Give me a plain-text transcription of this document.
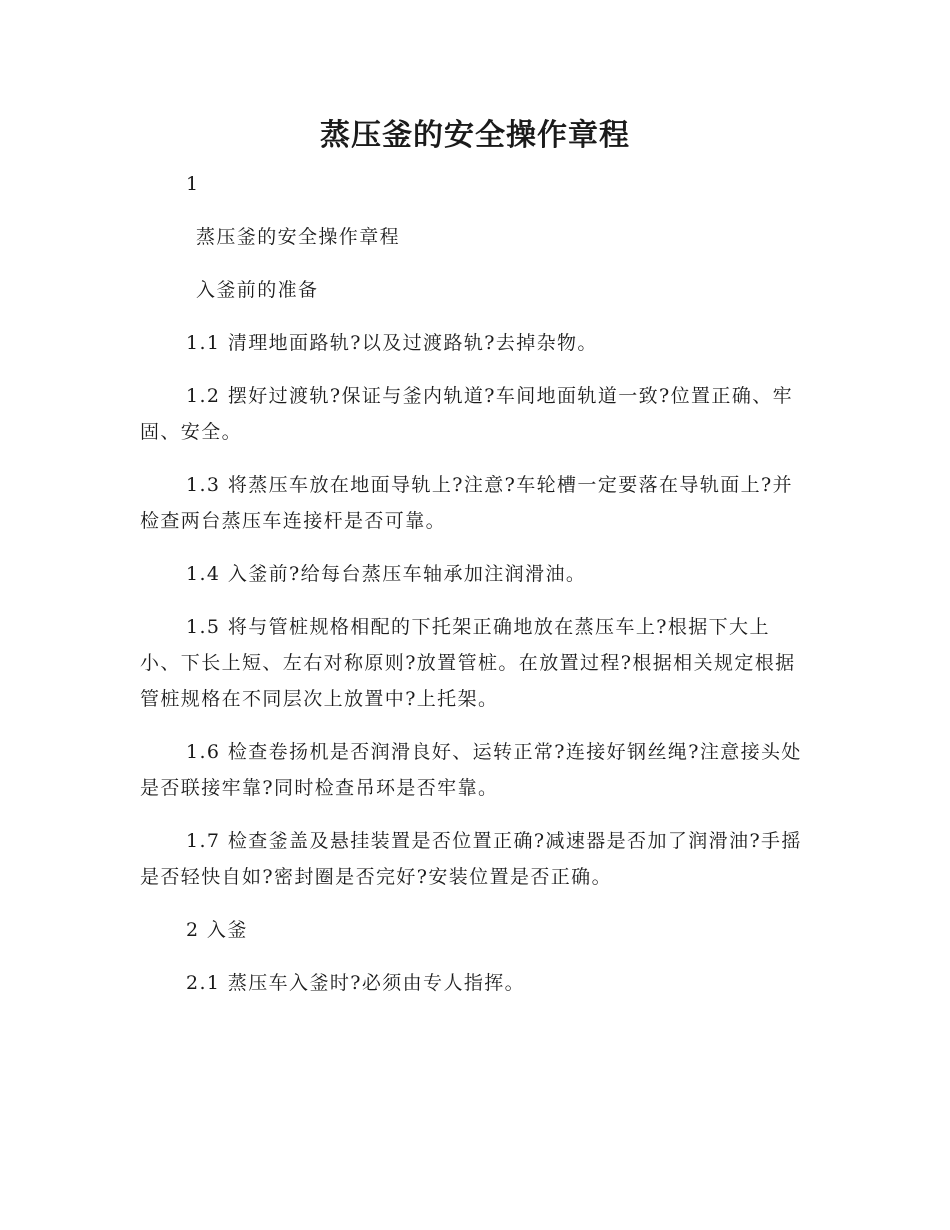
蒸压釜的安全操作章程

1

蒸压釜的安全操作章程

入釜前的准备

1.1 清理地面路轨?以及过渡路轨?去掉杂物。

1.2 摆好过渡轨?保证与釜内轨道?车间地面轨道一致?位置正确、牢固、安全。

1.3 将蒸压车放在地面导轨上?注意?车轮槽一定要落在导轨面上?并检查两台蒸压车连接杆是否可靠。

1.4 入釜前?给每台蒸压车轴承加注润滑油。

1.5 将与管桩规格相配的下托架正确地放在蒸压车上?根据下大上小、下长上短、左右对称原则?放置管桩。在放置过程?根据相关规定根据管桩规格在不同层次上放置中?上托架。

1.6 检查卷扬机是否润滑良好、运转正常?连接好钢丝绳?注意接头处是否联接牢靠?同时检查吊环是否牢靠。

1.7 检查釜盖及悬挂装置是否位置正确?减速器是否加了润滑油?手摇是否轻快自如?密封圈是否完好?安装位置是否正确。

2 入釜

2.1 蒸压车入釜时?必须由专人指挥。
